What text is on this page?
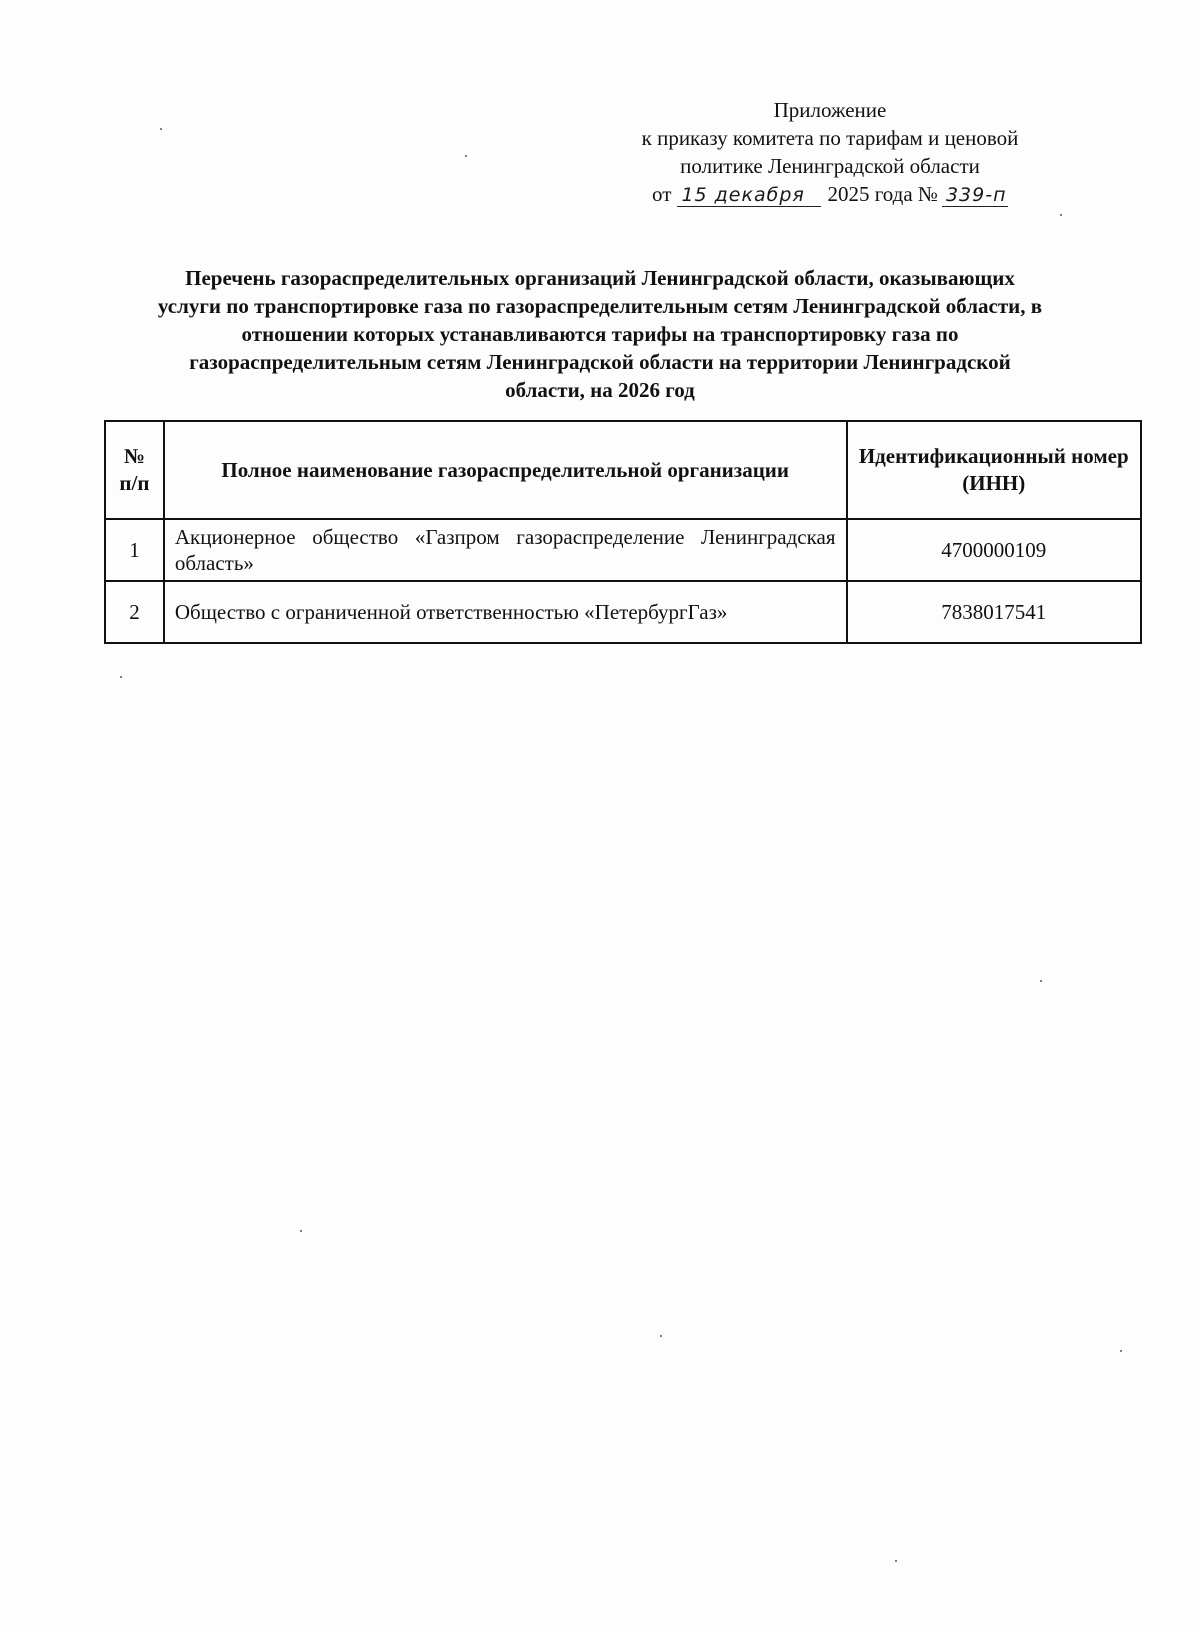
Приложение
к приказу комитета по тарифам и ценовой
политике Ленинградской области
от 15 декабря	2025 года № 339-п
Перечень газораспределительных организаций Ленинградской области, оказывающих
услуги по транспортировке газа по газораспределительным сетям Ленинградской области, в
отношении которых устанавливаются тарифы на транспортировку газа по
газораспределительным сетям Ленинградской области на территории Ленинградской
области, на 2026 год
№
п/п	Полное наименование газораспределительной организации	Идентификационный номер (ИНН)
1	Акционерное общество «Газпром газораспределение Ленинградская область»	4700000109
2	Общество с ограниченной ответственностью «ПетербургГаз»	7838017541
